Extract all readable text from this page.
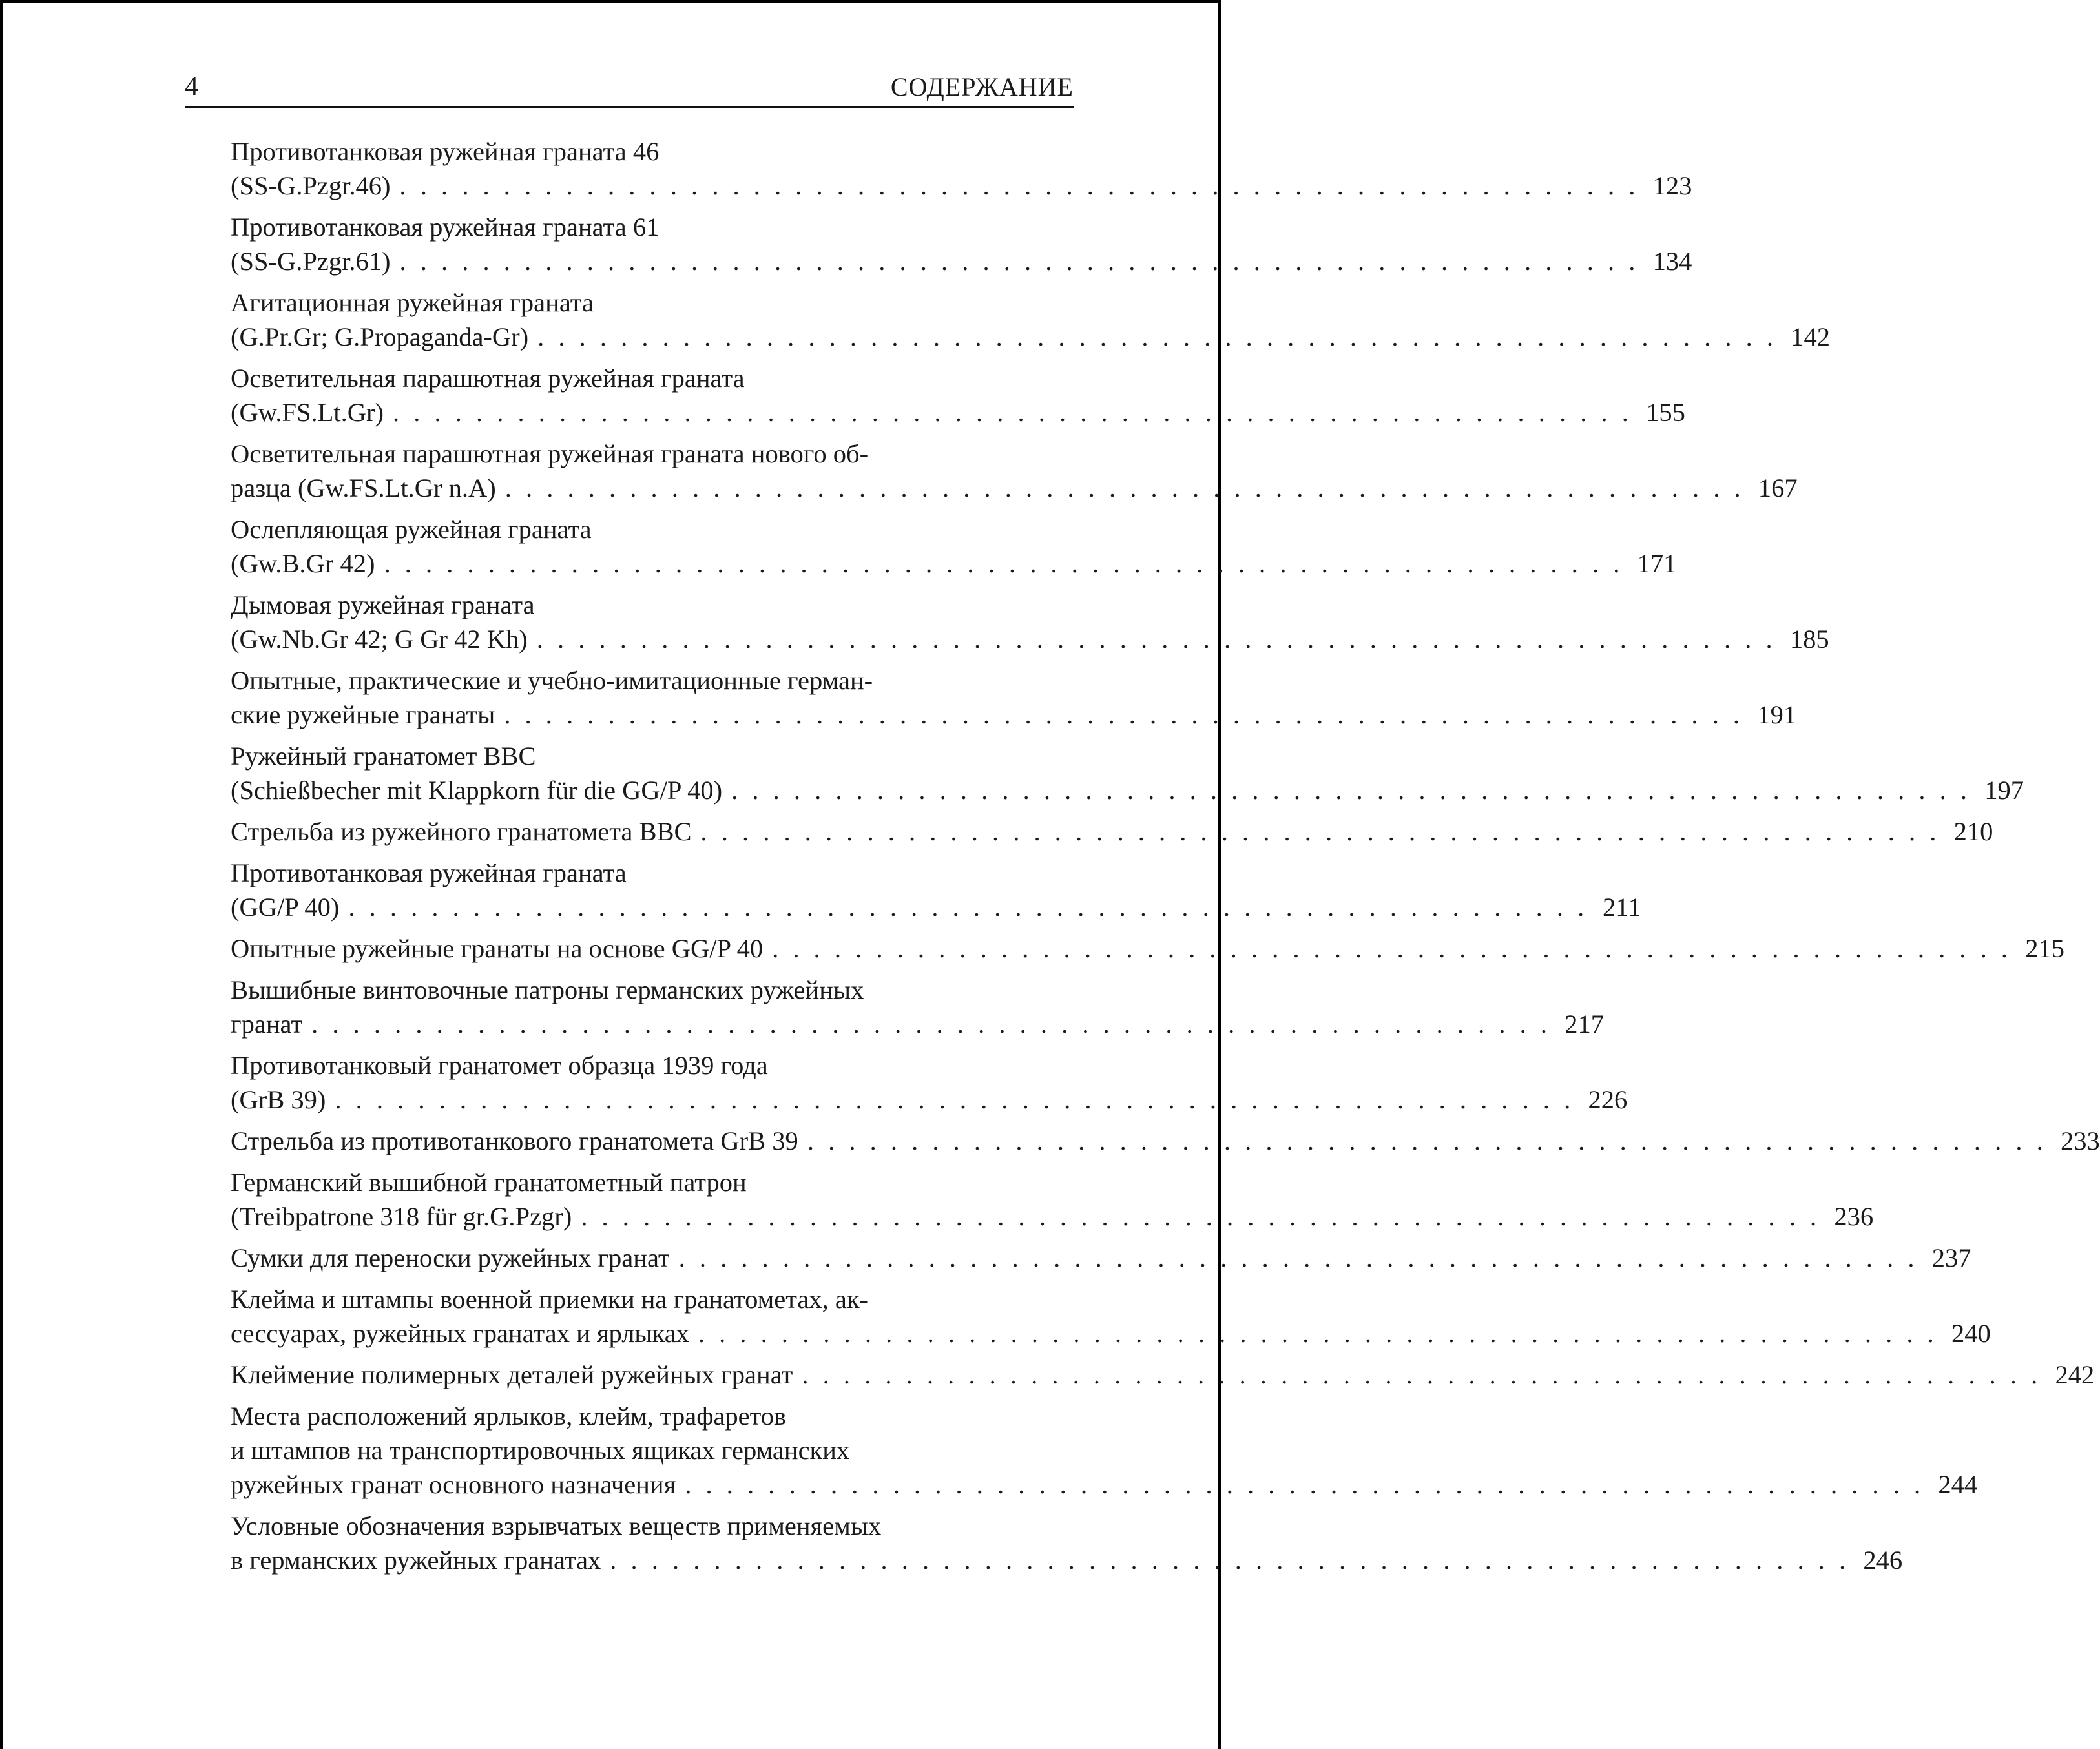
4	СОДЕРЖАНИЕ
Противотанковая ружейная граната 46
(SS-G.Pzgr.46) . . . . . . . . . . . . . . . . . . . . . . . . . . . . . . . . . . . . . . . . . . . . . . . . . . . . . . . . . . . . 123
Противотанковая ружейная граната 61
(SS-G.Pzgr.61) . . . . . . . . . . . . . . . . . . . . . . . . . . . . . . . . . . . . . . . . . . . . . . . . . . . . . . . . . . . . 134
Агитационная ружейная граната
(G.Pr.Gr; G.Propaganda-Gr) . . . . . . . . . . . . . . . . . . . . . . . . . . . . . . . . . . . . . . . . . . . . . . . . . . . . . . . . . . . . 142
Осветительная парашютная ружейная граната
(Gw.FS.Lt.Gr) . . . . . . . . . . . . . . . . . . . . . . . . . . . . . . . . . . . . . . . . . . . . . . . . . . . . . . . . . . . . 155
Осветительная парашютная ружейная граната нового об-
разца (Gw.FS.Lt.Gr n.A) . . . . . . . . . . . . . . . . . . . . . . . . . . . . . . . . . . . . . . . . . . . . . . . . . . . . . . . . . . . . 167
Ослепляющая ружейная граната
(Gw.B.Gr 42) . . . . . . . . . . . . . . . . . . . . . . . . . . . . . . . . . . . . . . . . . . . . . . . . . . . . . . . . . . . . 171
Дымовая ружейная граната
(Gw.Nb.Gr 42; G Gr 42 Kh) . . . . . . . . . . . . . . . . . . . . . . . . . . . . . . . . . . . . . . . . . . . . . . . . . . . . . . . . . . . . 185
Опытные, практические и учебно-имитационные герман-
ские ружейные гранаты . . . . . . . . . . . . . . . . . . . . . . . . . . . . . . . . . . . . . . . . . . . . . . . . . . . . . . . . . . . . 191
Ружейный гранатомет ВВС
(Schießbecher mit Klappkorn für die GG/P 40) . . . . . . . . . . . . . . . . . . . . . . . . . . . . . . . . . . . . . . . . . . . . . . . . . . . . . . . . . . . . 197
Стрельба из ружейного гранатомета ВВС . . . . . . . . . . . . . . . . . . . . . . . . . . . . . . . . . . . . . . . . . . . . . . . . . . . . . . . . . . . . 210
Противотанковая ружейная граната
(GG/P 40) . . . . . . . . . . . . . . . . . . . . . . . . . . . . . . . . . . . . . . . . . . . . . . . . . . . . . . . . . . . . 211
Опытные ружейные гранаты на основе GG/P 40 . . . . . . . . . . . . . . . . . . . . . . . . . . . . . . . . . . . . . . . . . . . . . . . . . . . . . . . . . . . . 215
Вышибные винтовочные патроны германских ружейных
гранат . . . . . . . . . . . . . . . . . . . . . . . . . . . . . . . . . . . . . . . . . . . . . . . . . . . . . . . . . . . . 217
Противотанковый гранатомет образца 1939 года
(GrB 39) . . . . . . . . . . . . . . . . . . . . . . . . . . . . . . . . . . . . . . . . . . . . . . . . . . . . . . . . . . . . 226
Стрельба из противотанкового гранатомета GrB 39 . . . . . . . . . . . . . . . . . . . . . . . . . . . . . . . . . . . . . . . . . . . . . . . . . . . . . . . . . . . . 233
Германский вышибной гранатометный патрон
(Treibpatrone 318 für gr.G.Pzgr) . . . . . . . . . . . . . . . . . . . . . . . . . . . . . . . . . . . . . . . . . . . . . . . . . . . . . . . . . . . . 236
Сумки для переноски ружейных гранат . . . . . . . . . . . . . . . . . . . . . . . . . . . . . . . . . . . . . . . . . . . . . . . . . . . . . . . . . . . . 237
Клейма и штампы военной приемки на гранатометах, ак-
сессуарах, ружейных гранатах и ярлыках . . . . . . . . . . . . . . . . . . . . . . . . . . . . . . . . . . . . . . . . . . . . . . . . . . . . . . . . . . . . 240
Клеймение полимерных деталей ружейных гранат . . . . . . . . . . . . . . . . . . . . . . . . . . . . . . . . . . . . . . . . . . . . . . . . . . . . . . . . . . . . 242
Места расположений ярлыков, клейм, трафаретов
и штампов на транспортировочных ящиках германских
ружейных гранат основного назначения . . . . . . . . . . . . . . . . . . . . . . . . . . . . . . . . . . . . . . . . . . . . . . . . . . . . . . . . . . . . 244
Условные обозначения взрывчатых веществ применяемых
в германских ружейных гранатах . . . . . . . . . . . . . . . . . . . . . . . . . . . . . . . . . . . . . . . . . . . . . . . . . . . . . . . . . . . . 246
